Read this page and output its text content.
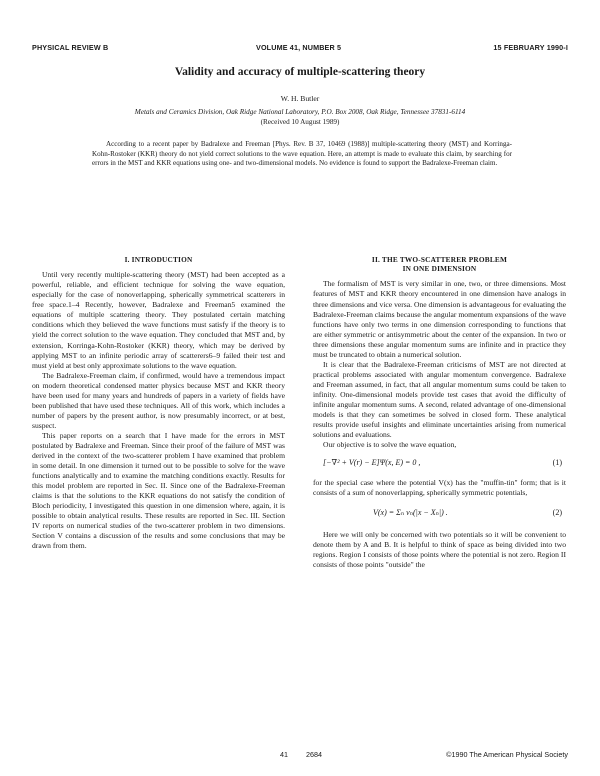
PHYSICAL REVIEW B	VOLUME 41, NUMBER 5	15 FEBRUARY 1990-I
Validity and accuracy of multiple-scattering theory
W. H. Butler
Metals and Ceramics Division, Oak Ridge National Laboratory, P.O. Box 2008, Oak Ridge, Tennessee 37831-6114
(Received 10 August 1989)
According to a recent paper by Badralexe and Freeman [Phys. Rev. B 37, 10469 (1988)] multiple-scattering theory (MST) and Korringa-Kohn-Rostoker (KKR) theory do not yield correct solutions to the wave equation. Here, an attempt is made to evaluate this claim, by searching for errors in the MST and KKR equations using one- and two-dimensional models. No evidence is found to support the Badralexe-Freeman claim.
I. INTRODUCTION

Until very recently multiple-scattering theory (MST) had been accepted as a powerful, reliable, and efficient technique for solving the wave equation, especially for the case of nonoverlapping, spherically symmetrical scatterers in free space.1–4 Recently, however, Badralexe and Freeman5 examined the equations of multiple scattering theory. They postulated certain matching conditions which they believed the wave functions must satisfy if the theory is to yield the correct solution to the wave equation. They concluded that MST and, by extension, Korringa-Kohn-Rostoker (KKR) theory, which may be derived by applying MST to an infinite periodic array of scatterers6–9 failed their test and must yield at best only approximate solutions to the wave equation.

The Badralexe-Freeman claim, if confirmed, would have a tremendous impact on modern theoretical condensed matter physics because MST and KKR theory have been used for many years and hundreds of papers in a variety of fields have been published that have used these techniques. All of this work, which includes a number of papers by the present author, is now presumably incorrect, or at best, suspect.

This paper reports on a search that I have made for the errors in MST postulated by Badralexe and Freeman. Since their proof of the failure of MST was derived in the context of the two-scatterer problem I have examined that problem in some detail. In one dimension it turned out to be possible to solve for the wave functions analytically and to examine the matching conditions exactly. Results for this model problem are reported in Sec. II. Since one of the Badralexe-Freeman claims is that the solutions to the KKR equations do not satisfy the condition of Bloch periodicity, I investigated this question in one dimension where, again, it is possible to obtain analytical results. These results are reported in Sec. III. Section IV reports on numerical studies of the two-scatterer problem in two dimensions. Section V contains a discussion of the results and some conclusions that may be drawn from them.

II. THE TWO-SCATTERER PROBLEM
IN ONE DIMENSION

The formalism of MST is very similar in one, two, or three dimensions. Most features of MST and KKR theory encountered in one dimension have analogs in three dimensions and vice versa. One dimension is advantageous for evaluating the Badralexe-Freeman claims because the angular momentum expansions of the wave functions have only two terms in one dimension corresponding to functions that are either symmetric or antisymmetric about the center of the expansion. In two or three dimensions these angular momentum sums are infinite and in practice they must be truncated to obtain a numerical solution.

It is clear that the Badralexe-Freeman criticisms of MST are not directed at practical problems associated with angular momentum convergence. Badralexe and Freeman assumed, in fact, that all angular momentum sums could be taken to infinity. One-dimensional models provide test cases that avoid the difficulty of infinite angular momentum sums. A second, related advantage of one-dimensional models is that they can sometimes be solved in closed form. These analytical results provide useful insights and eliminate uncertainties arising from numerical solutions and evaluations.

Our objective is to solve the wave equation,

[−∇² + V(r) − E]Ψ(x, E) = 0 ,	(1)

for the special case where the potential V(x) has the "muffin-tin" form; that is it consists of a sum of nonoverlapping, spherically symmetric potentials,

V(x) = Σₙ vₙ(|x − Xₙ|) .	(2)

Here we will only be concerned with two potentials so it will be convenient to denote them by A and B. It is helpful to think of space as being divided into two regions. Region I consists of those points where the potential is not zero. Region II consists of those points "outside" the

41	2684	©1990 The American Physical Society
